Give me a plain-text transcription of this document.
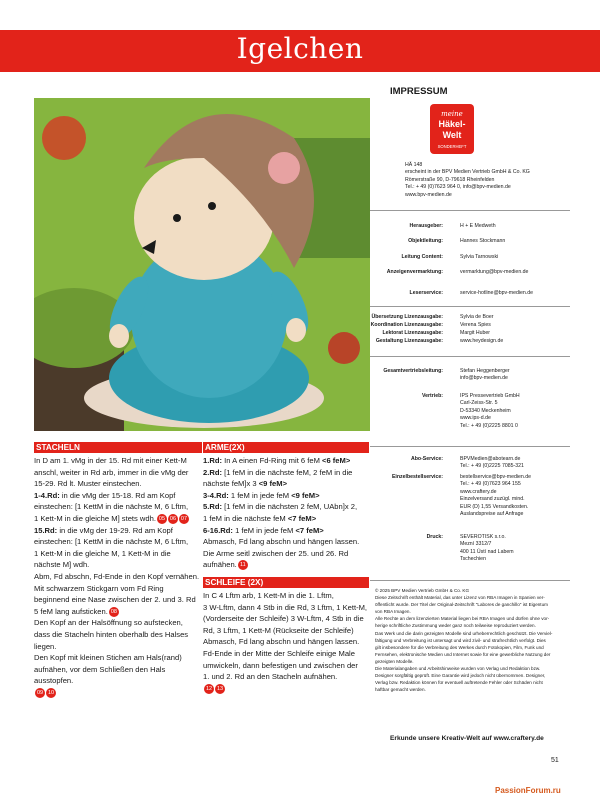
Igelchen
STACHELN
In D am 1. vMg in der 15. Rd mit einer Kett-M
anschl, weiter in Rd arb, immer in die vMg der
15-29. Rd lt. Muster einstechen.
1-4.Rd: in die vMg der 15-18. Rd am Kopf
einstechen: [1 KettM in die nächste M, 6 Lftm,
1 Kett-M in die gleiche M] stets wdh. 05 06 07
15.Rd: in die vMg der 19-29. Rd am Kopf
einstechen: [1 KettM in die nächste M, 6 Lftm,
1 Kett-M in die gleiche M, 1 Kett-M in die
nächste M] wdh.
Abm, Fd abschn, Fd-Ende in den Kopf vernähen.
Mit schwarzem Stickgarn vom Fd Ring
beginnend eine Nase zwischen der 2. und 3. Rd
5 feM lang aufsticken. 08
Den Kopf an der Halsöffnung so aufstecken,
dass die Stacheln hinten oberhalb des Halses
liegen.
Den Kopf mit kleinen Stichen am Hals(rand)
aufnähen, vor dem Schließen den Hals
ausstopfen.
09 10
ARME(2X)
1.Rd: In A einen Fd-Ring mit 6 feM <6 feM>
2.Rd: [1 feM in die nächste feM, 2 feM in die
nächste feM]x 3 <9 feM>
3-4.Rd: 1 feM in jede feM <9 feM>
5.Rd: [1 feM in die nächsten 2 feM, UAbn]x 2,
1 feM in die nächste feM <7 feM>
6-16.Rd: 1 feM in jede feM <7 feM>
Abmasch, Fd lang abschn und hängen lassen.
Die Arme seitl zwischen der 25. und 26. Rd
aufnähen. 11
SCHLEIFE (2X)
In C 4 Lftm arb, 1 Kett-M in die 1. Lftm,
3 W-Lftm, dann 4 Stb in die Rd, 3 Lftm, 1 Kett-M,
(Vorderseite der Schleife) 3 W-Lftm, 4 Stb in die
Rd, 3 Lftm, 1 Kett-M (Rückseite der Schleife)
Abmasch, Fd lang abschn und hängen lassen.
Fd-Ende in der Mitte der Schleife einige Male
umwickeln, dann befestigen und zwischen der
1. und 2. Rd an den Stacheln aufnähen.
12 13
IMPRESSUM
meine
Häkel-
Welt
SONDERHEFT
HÄ 148
erscheint in der BPV Medien Vertrieb GmbH & Co. KG
Römerstraße 90, D-79618 Rheinfelden
Tel.: + 49 (0)7623 964 0, info@bpv-medien.de
www.bpv-medien.de
Herausgeber:	H + E Medweth
Objektleitung:	Hannes Stockmann
Leitung Content:	Sylvia Tarnowski
Anzeigenvermarktung:	vermarktung@bpv-medien.de
Leserservice:	service-hotline@bpv-medien.de
Übersetzung Lizenzausgabe:	Sylvia de Boer
Koordination Lizenzausgabe:	Verena Spies
Lektorat Lizenzausgabe:	Margit Huber
Gestaltung Lizenzausgabe:	www.heydesign.de
Gesamtvertriebsleitung:	Stefan Heggenberger
info@bpv-medien.de
Vertrieb:	IPS Pressevertrieb GmbH
Carl-Zeiss-Str. 5
D-53340 Meckenheim
www.ips-d.de
Tel.: + 49 (0)2225 8801 0
Abo-Service:	BPVMedien@abotearn.de
Tel.: + 49 (0)2225 7085-321
Einzelbestellservice:	bestellservice@bpv-medien.de
Tel.: + 49 (0)7623 964 155
www.craftery.de
Einzelversand zuzügl. mind.
EUR (D) 1,55 Versandkosten.
Auslandspreise auf Anfrage
Druck:	SEVEROTISK s.r.o.
Mezní 3312/7
400 11 Ústí nad Labem
Tschechien
© 2025 BPV Medien Vertrieb GmbH & Co. KG
Diese Zeitschrift enthält Material, das unter Lizenz von RBA Imagen in Spanien ver-
öffentlicht wurde. Der Titel der Original-Zeitschrift "Labores de ganchillo" ist Eigentum
von RBA Imagen.
Alle Rechte an dem lizenzierten Material liegen bei RBA Imagen und dürfen ohne vor-
herige schriftliche Zustimmung weder ganz noch teilweise reproduziert werden.
Das Werk und die darin gezeigten Modelle sind urheberrechtlich geschützt. Die Verviel-
fältigung und Verbreitung ist untersagt und wird zivil- und strafrechtlich verfolgt. Dies
gilt insbesondere für die Verbreitung des Werkes durch Fotokopien, Film, Funk und
Fernsehen, elektronische Medien und Internet sowie für eine gewerbliche Nutzung der
gezeigten Modelle.
Die Materialangaben und Arbeitshinweise wurden von Verlag und Redaktion bzw.
Designer sorgfältig geprüft. Eine Garantie wird jedoch nicht übernommen. Designer,
Verlag bzw. Redaktion können für eventuell auftretende Fehler oder Schäden nicht
haftbar gemacht werden.
Erkunde unsere Kreativ-Welt auf www.craftery.de
51
PassionForum.ru
